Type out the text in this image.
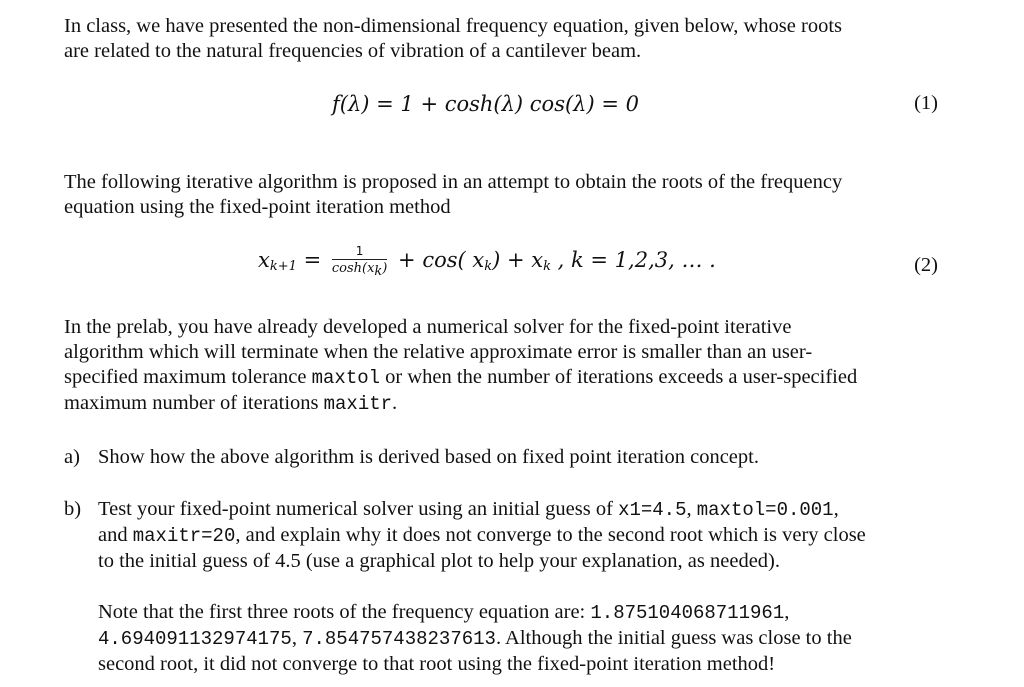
In class, we have presented the non-dimensional frequency equation, given below, whose roots
are related to the natural frequencies of vibration of a cantilever beam.
f(λ) = 1 + cosh(λ) cos(λ) = 0	(1)
The following iterative algorithm is proposed in an attempt to obtain the roots of the frequency
equation using the fixed-point iteration method
$x_{k+1} = \frac{1}{\cosh(x_k)} + \cos$( $x_k) + x_k$ , k = 1,2,3, … .	(2)
In the prelab, you have already developed a numerical solver for the fixed-point iterative
algorithm which will terminate when the relative approximate error is smaller than an user-
specified maximum tolerance maxtol or when the number of iterations exceeds a user-specified
maximum number of iterations maxitr.
a) Show how the above algorithm is derived based on fixed point iteration concept.
b) Test your fixed-point numerical solver using an initial guess of x1=4.5, maxtol=0.001,
and maxitr=20, and explain why it does not converge to the second root which is very close
to the initial guess of 4.5 (use a graphical plot to help your explanation, as needed).
Note that the first three roots of the frequency equation are: 1.875104068711961,
4.694091132974175, 7.854757438237613. Although the initial guess was close to the
second root, it did not converge to that root using the fixed-point iteration method!
